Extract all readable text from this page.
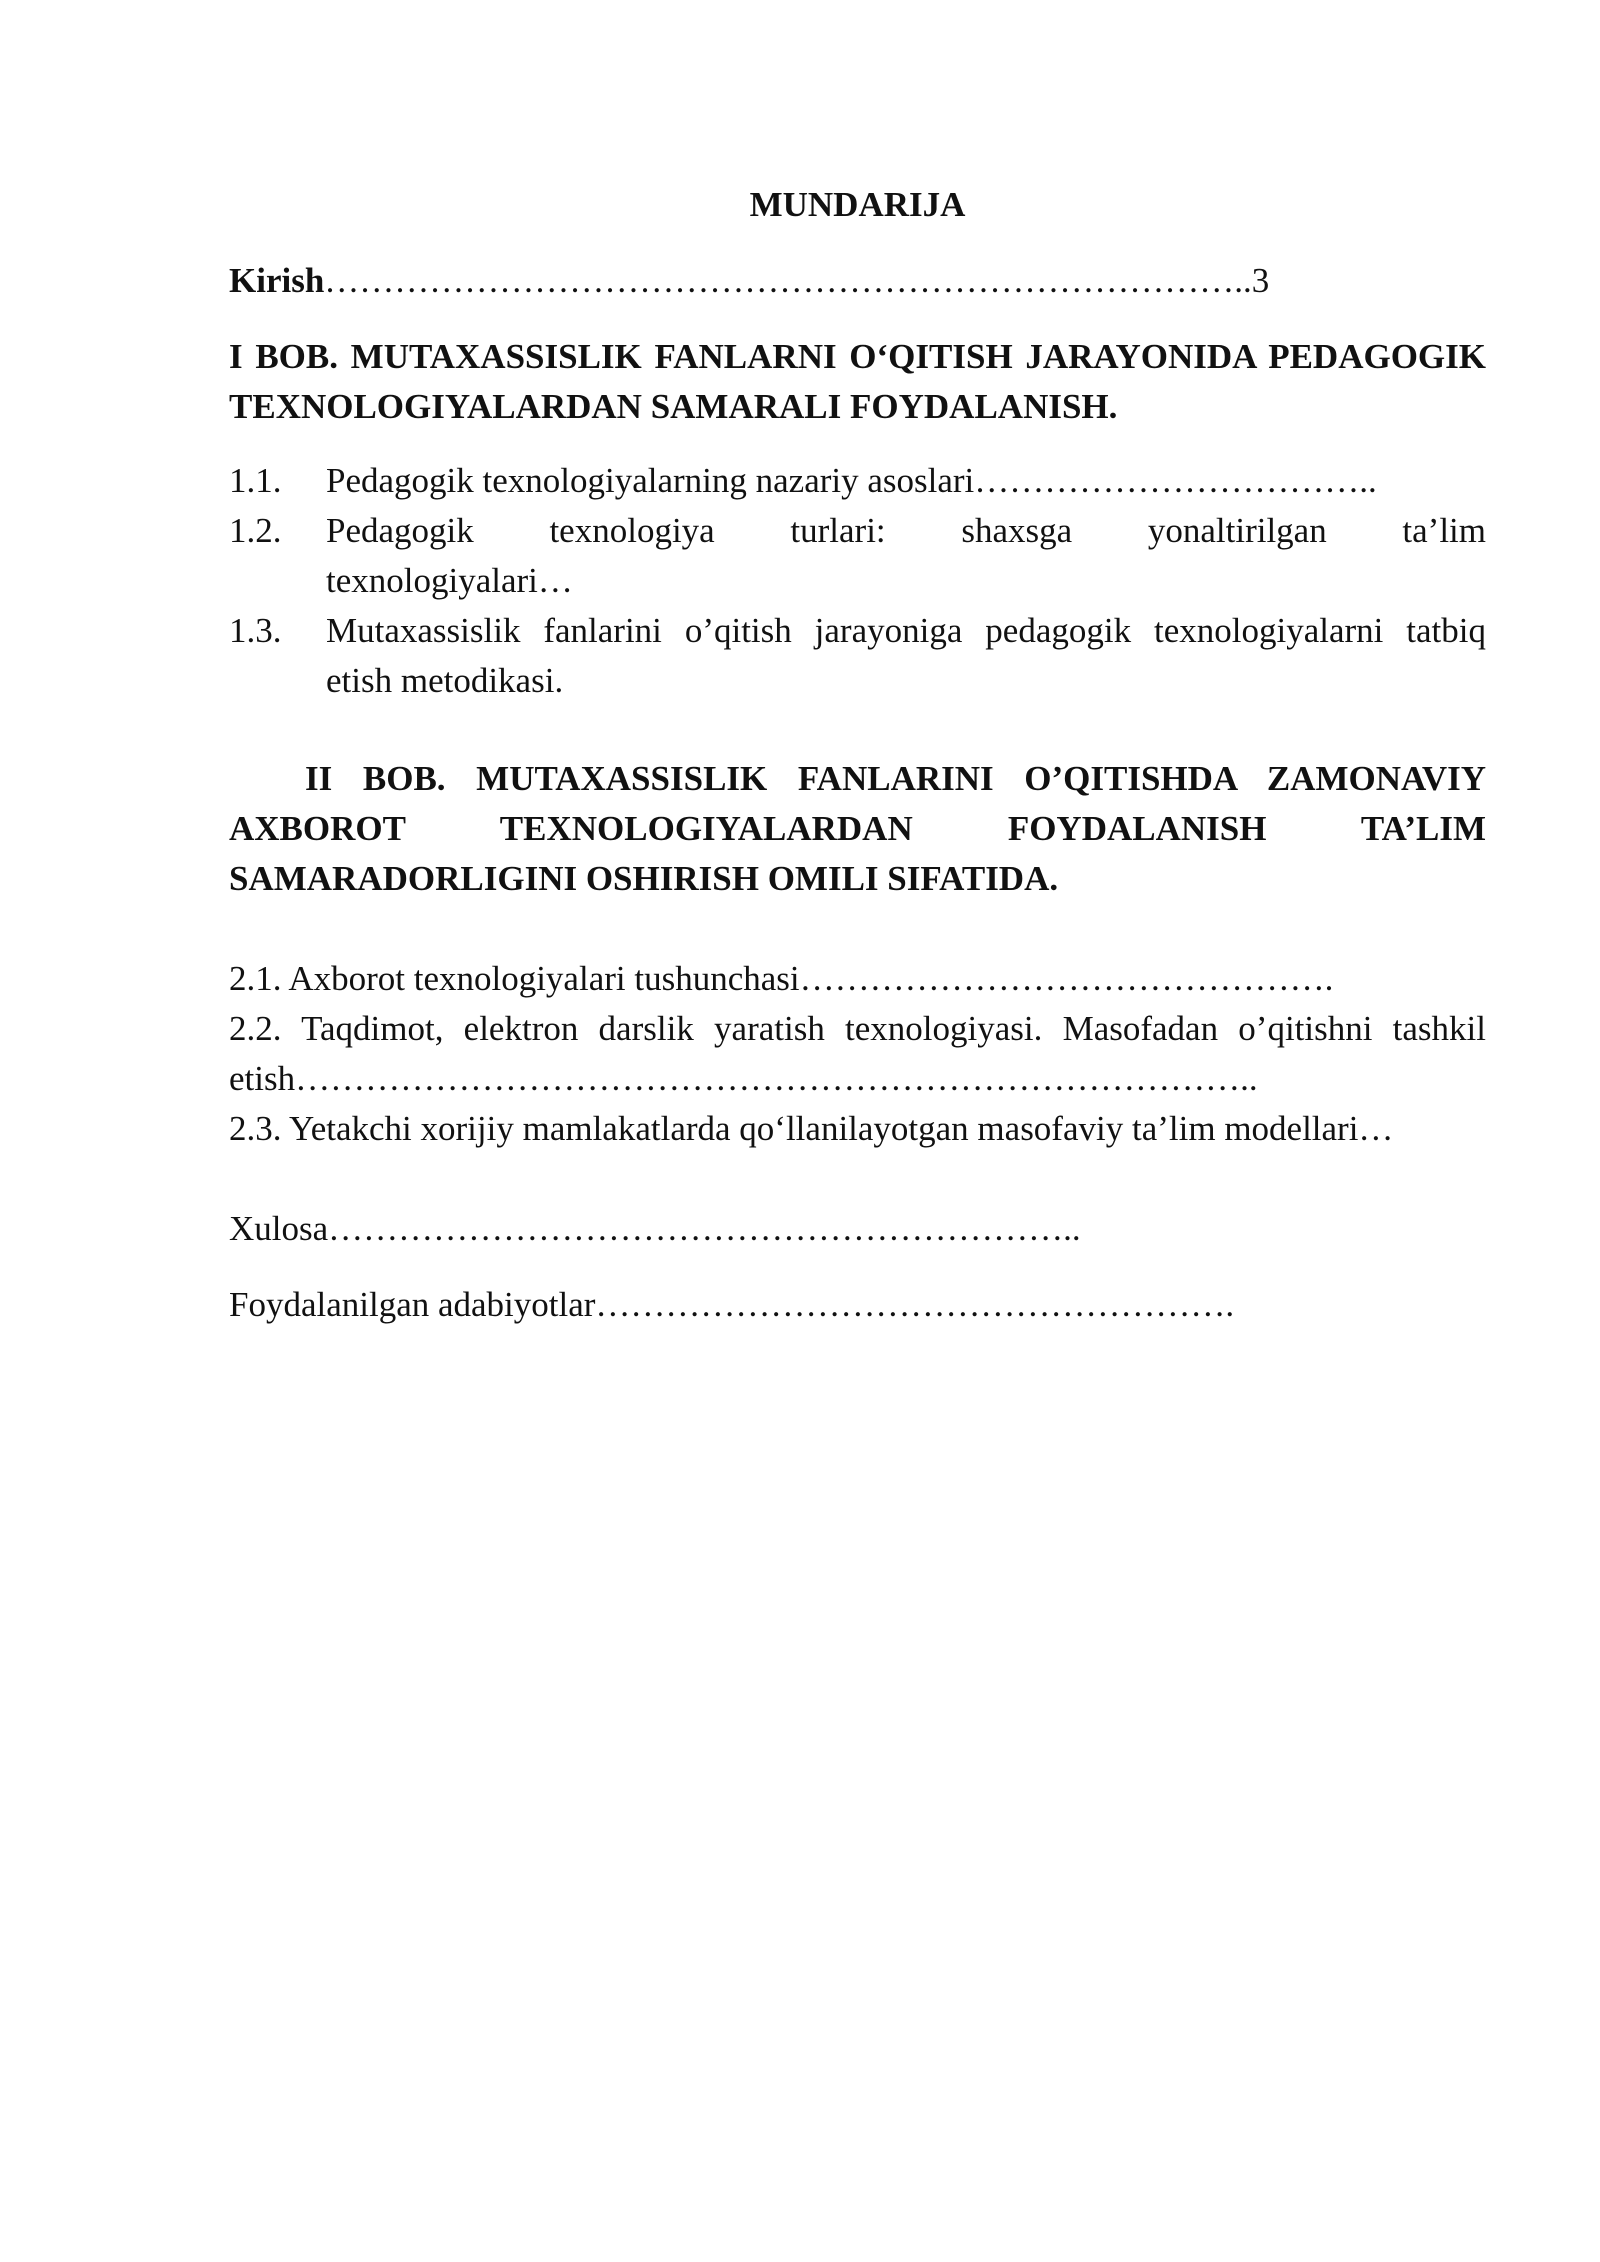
MUNDARIJA
Kirish……………………………………………………………………..3
I BOB. MUTAXASSISLIK FANLARNI O‘QITISH JARAYONIDA PEDAGOGIK TEXNOLOGIYALARDAN SAMARALI FOYDALANISH.
1.1.	Pedagogik texnologiyalarning nazariy asoslari……………………………..
1.2.	Pedagogik texnologiya turlari: shaxsga yonaltirilgan ta’lim
texnologiyalari…
1.3.	Mutaxassislik fanlarini o’qitish jarayoniga pedagogik texnologiyalarni tatbiq
etish metodikasi.
II BOB. MUTAXASSISLIK FANLARINI O’QITISHDA ZAMONAVIY AXBOROT TEXNOLOGIYALARDAN FOYDALANISH TA’LIM SAMARADORLIGINI OSHIRISH OMILI SIFATIDA.
2.1. Axborot texnologiyalari tushunchasi……………………………………….
2.2. Taqdimot, elektron darslik yaratish texnologiyasi. Masofadan o’qitishni tashkil
etish………………………………………………………………………..
2.3. Yetakchi xorijiy mamlakatlarda qo‘llanilayotgan masofaviy ta’lim modellari…
Xulosa………………………………………………………..
Foydalanilgan adabiyotlar……………………………………………….
